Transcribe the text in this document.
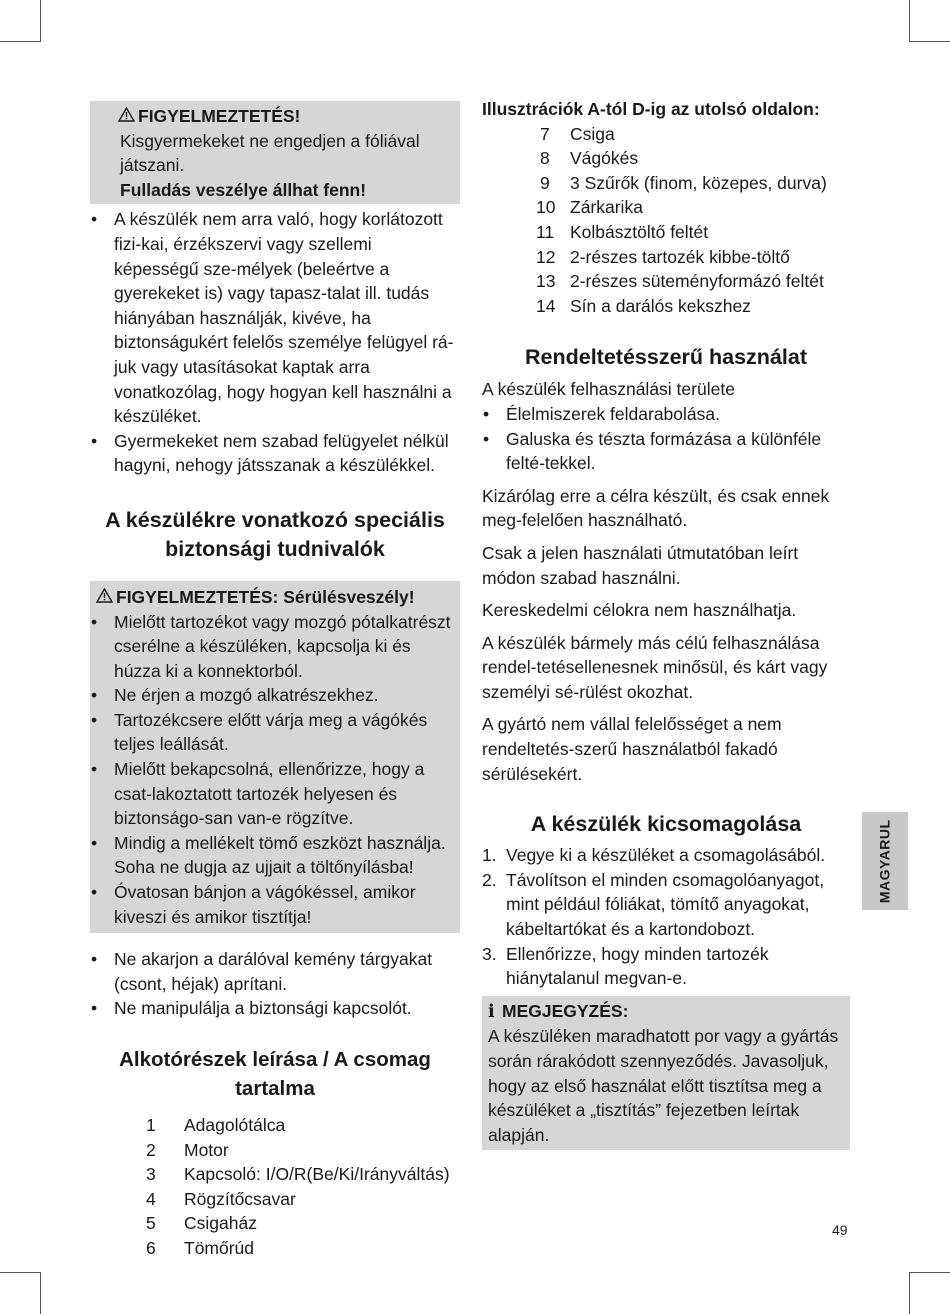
FIGYELMEZTETÉS!
Kisgyermekeket ne engedjen a fóliával játszani.
Fulladás veszélye állhat fenn!
• A készülék nem arra való, hogy korlátozott fizi-kai, érzékszervi vagy szellemi képességű sze-mélyek (beleértve a gyerekeket is) vagy tapasz-talat ill. tudás hiányában használják, kivéve, ha biztonságukért felelős személye felügyel rá-juk vagy utasításokat kaptak arra vonatkozólag, hogy hogyan kell használni a készüléket.
• Gyermekeket nem szabad felügyelet nélkül hagyni, nehogy játsszanak a készülékkel.
A készülékre vonatkozó speciális
biztonsági tudnivalók
FIGYELMEZTETÉS: Sérülésveszély!
• Mielőtt tartozékot vagy mozgó pótalkatrészt cserélne a készüléken, kapcsolja ki és húzza ki a konnektorból.
• Ne érjen a mozgó alkatrészekhez.
• Tartozékcsere előtt várja meg a vágókés teljes leállását.
• Mielőtt bekapcsolná, ellenőrizze, hogy a csat-lakoztatott tartozék helyesen és biztonságo-san van-e rögzítve.
• Mindig a mellékelt tömő eszközt használja. Soha ne dugja az ujjait a töltőnyílásba!
• Óvatosan bánjon a vágókéssel, amikor kiveszi és amikor tisztítja!
• Ne akarjon a darálóval kemény tárgyakat (csont, héjak) aprítani.
• Ne manipulálja a biztonsági kapcsolót.
Alkotórészek leírása / A csomag tartalma
1	Adagolótálca
2	Motor
3	Kapcsoló: I/O/R(Be/Ki/Irányváltás)
4	Rögzítőcsavar
5	Csigaház
6	Tömőrúd
Illusztrációk A-tól D-ig az utolsó oldalon:
7	Csiga
8	Vágókés
9	3 Szűrők (finom, közepes, durva)
10	Zárkarika
11	Kolbásztöltő feltét
12	2-részes tartozék kibbe-töltő
13	2-részes süteményformázó feltét
14	Sín a darálós kekszhez
Rendeltetésszerű használat

A készülék felhasználási területe

• Élelmiszerek feldarabolása.
• Galuska és tészta formázása a különféle felté-tekkel.

Kizárólag erre a célra készült, és csak ennek meg-felelően használható.

Csak a jelen használati útmutatóban leírt módon szabad használni.

Kereskedelmi célokra nem használhatja.

A készülék bármely más célú felhasználása rendel-tetésellenesnek minősül, és kárt vagy személyi sé-rülést okozhat.

A gyártó nem vállal felelősséget a nem rendeltetés-szerű használatból fakadó sérülésekért.

A készülék kicsomagolása
1. Vegye ki a készüléket a csomagolásából.
2. Távolítson el minden csomagolóanyagot, mint például fóliákat, tömítő anyagokat, kábeltartókat és a kartondobozt.
3. Ellenőrizze, hogy minden tartozék hiánytalanul megvan-e.
i MEGJEGYZÉS:
A készüléken maradhatott por vagy a gyártás során rárakódott szennyeződés. Javasoljuk, hogy az első használat előtt tisztítsa meg a készüléket a „tisztítás” fejezetben leírtak alapján.
MAGYARUL
49
